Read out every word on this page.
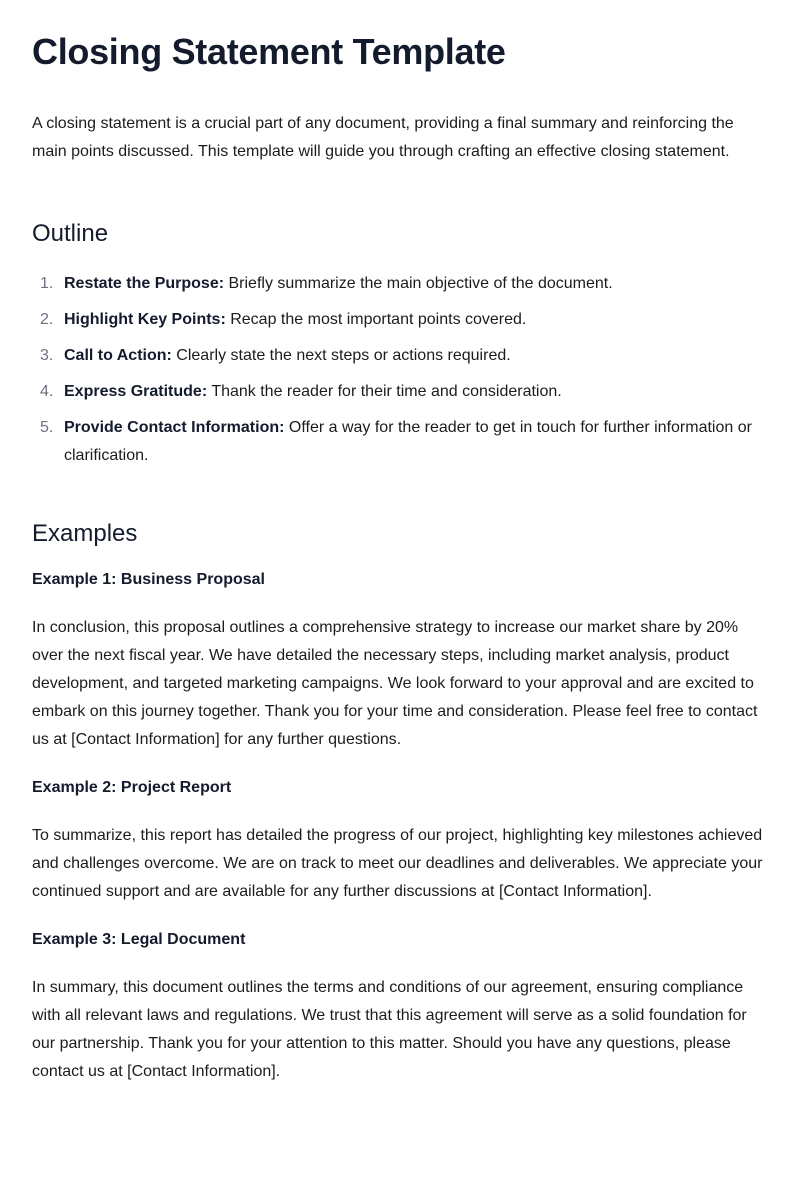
Closing Statement Template

A closing statement is a crucial part of any document, providing a final summary and reinforcing the main points discussed. This template will guide you through crafting an effective closing statement.

Outline
1. Restate the Purpose: Briefly summarize the main objective of the document.
2. Highlight Key Points: Recap the most important points covered.
3. Call to Action: Clearly state the next steps or actions required.
4. Express Gratitude: Thank the reader for their time and consideration.
5. Provide Contact Information: Offer a way for the reader to get in touch for further information or clarification.
Examples
Example 1: Business Proposal

In conclusion, this proposal outlines a comprehensive strategy to increase our market share by 20% over the next fiscal year. We have detailed the necessary steps, including market analysis, product development, and targeted marketing campaigns. We look forward to your approval and are excited to embark on this journey together. Thank you for your time and consideration. Please feel free to contact us at [Contact Information] for any further questions.

Example 2: Project Report

To summarize, this report has detailed the progress of our project, highlighting key milestones achieved and challenges overcome. We are on track to meet our deadlines and deliverables. We appreciate your continued support and are available for any further discussions at [Contact Information].

Example 3: Legal Document

In summary, this document outlines the terms and conditions of our agreement, ensuring compliance with all relevant laws and regulations. We trust that this agreement will serve as a solid foundation for our partnership. Thank you for your attention to this matter. Should you have any questions, please contact us at [Contact Information].
